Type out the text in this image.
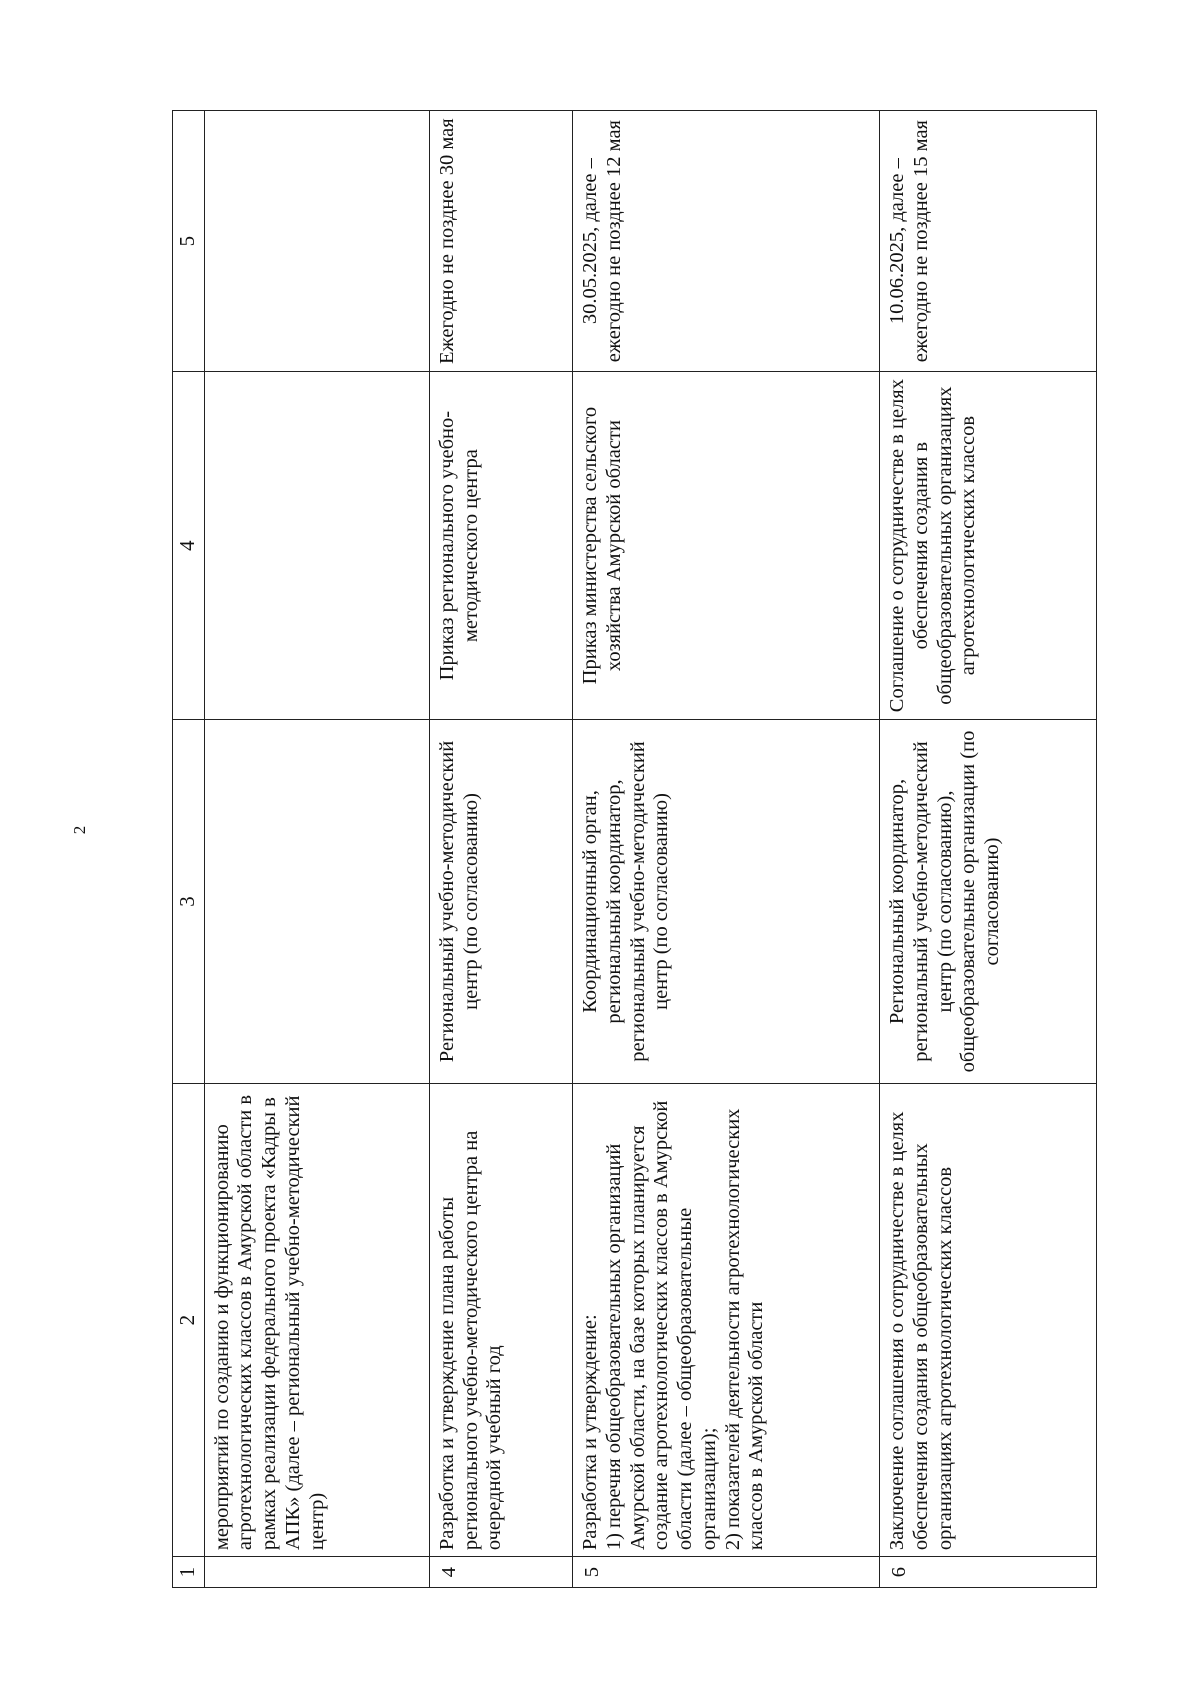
2
1	2	3	4	5
	мероприятий по созданию и функционированию агротехнологических классов в Амурской области в рамках реализации федерального проекта «Кадры в АПК» (далее – региональный учебно-методический центр)			
4	Разработка и утверждение плана работы регионального учебно-методического центра на очередной учебный год	Региональный учебно-методический центр (по согласованию)	Приказ регионального учебно-методического центра	Ежегодно не позднее 30 мая
5	Разработка и утверждение:
1) перечня общеобразовательных организаций Амурской области, на базе которых планируется создание агротехнологических классов в Амурской области (далее – общеобразовательные организации);
2) показателей деятельности агротехнологических классов в Амурской области	Координационный орган, региональный координатор, региональный учебно-методический центр (по согласованию)	Приказ министерства сельского хозяйства Амурской области	30.05.2025, далее – ежегодно не позднее 12 мая
6	Заключение соглашения о сотрудничестве в целях обеспечения создания в общеобразовательных организациях агротехнологических классов	Региональный координатор, региональный учебно-методический центр (по согласованию), общеобразовательные организации (по согласованию)	Соглашение о сотрудничестве в целях обеспечения создания в общеобразовательных организациях агротехнологических классов	10.06.2025, далее – ежегодно не позднее 15 мая
